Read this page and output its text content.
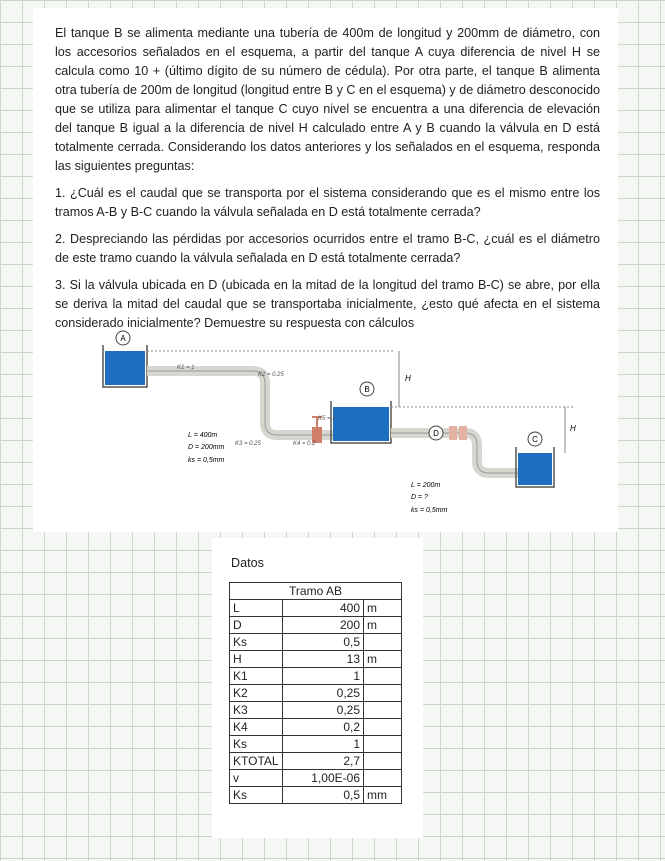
El tanque B se alimenta mediante una tubería de 400m de longitud y 200mm de diámetro, con los accesorios señalados en el esquema, a partir del tanque A cuya diferencia de nivel H se calcula como 10 + (último dígito de su número de cédula). Por otra parte, el tanque B alimenta otra tubería de 200m de longitud (longitud entre B y C en el esquema) y de diámetro desconocido que se utiliza para alimentar el tanque C cuyo nivel se encuentra a una diferencia de elevación del tanque B igual a la diferencia de nivel H calculado entre A y B cuando la válvula en D está totalmente cerrada. Considerando los datos anteriores y los señalados en el esquema, responda las siguientes preguntas:

1. ¿Cuál es el caudal que se transporta por el sistema considerando que es el mismo entre los tramos A-B y B-C cuando la válvula señalada en D está totalmente cerrada?

2. Despreciando las pérdidas por accesorios ocurridos entre el tramo B-C, ¿cuál es el diámetro de este tramo cuando la válvula señalada en D está totalmente cerrada?

3. Si la válvula ubicada en D (ubicada en la mitad de la longitud del tramo B-C) se abre, por ella se deriva la mitad del caudal que se transportaba inicialmente, ¿esto qué afecta en el sistema considerado inicialmente? Demuestre su respuesta con cálculos

A
B
H
H
D
C
K1 = 1
K2 = 0.25
K3 = 0.25	K4 = 0.2
K5 = 1
L = 400m
D = 200mm
ks = 0,5mm
L = 200m
D = ?
ks = 0,5mm
Datos
Tramo AB		
L	400	m
D	200	m
Ks	0,5	
H	13	m
K1	1	
K2	0,25	
K3	0,25	
K4	0,2	
Ks	1	
KTOTAL	2,7	
v	1,00E-06	
Ks	0,5	mm
